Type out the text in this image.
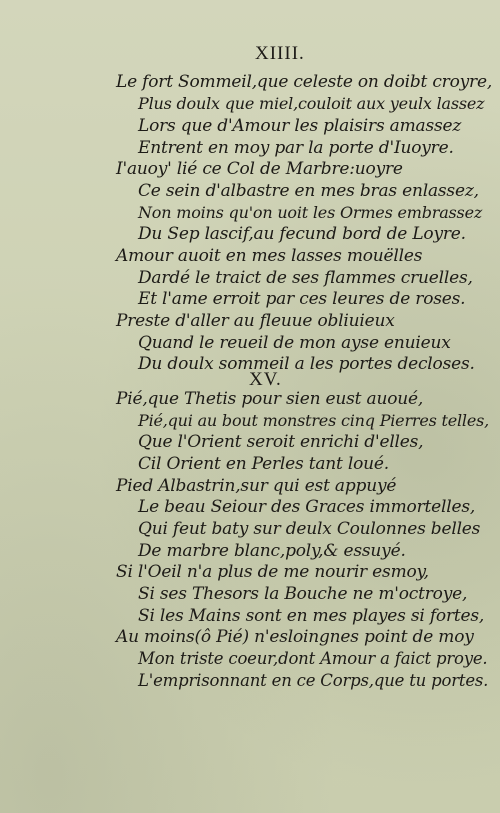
XIIII.
Le fort Sommeil,que celeste on doibt croyre,
Plus doulx que miel,couloit aux yeulx lassez
Lors que d'Amour les plaisirs amassez
Entrent en moy par la porte d'Iuoyre.
I'auoy' lié ce Col de Marbre:uoyre
Ce sein d'albastre en mes bras enlassez,
Non moins qu'on uoit les Ormes embrassez
Du Sep lascif,au fecund bord de Loyre.
Amour auoit en mes lasses mouëlles
Dardé le traict de ses flammes cruelles,
Et l'ame erroit par ces leures de roses.
Preste d'aller au fleuue obliuieux
Quand le reueil de mon ayse enuieux
Du doulx sommeil a les portes decloses.
XV.
Pié,que Thetis pour sien eust auoué,
Pié,qui au bout monstres cinq Pierres telles,
Que l'Orient seroit enrichi d'elles,
Cil Orient en Perles tant loué.
Pied Albastrin,sur qui est appuyé
Le beau Seiour des Graces immortelles,
Qui feut baty sur deulx Coulonnes belles
De marbre blanc,poly,& essuyé.
Si l'Oeil n'a plus de me nourir esmoy,
Si ses Thesors la Bouche ne m'octroye,
Si les Mains sont en mes playes si fortes,
Au moins(ô Pié) n'esloingnes point de moy
Mon triste coeur,dont Amour a faict proye.
L'emprisonnant en ce Corps,que tu portes.
